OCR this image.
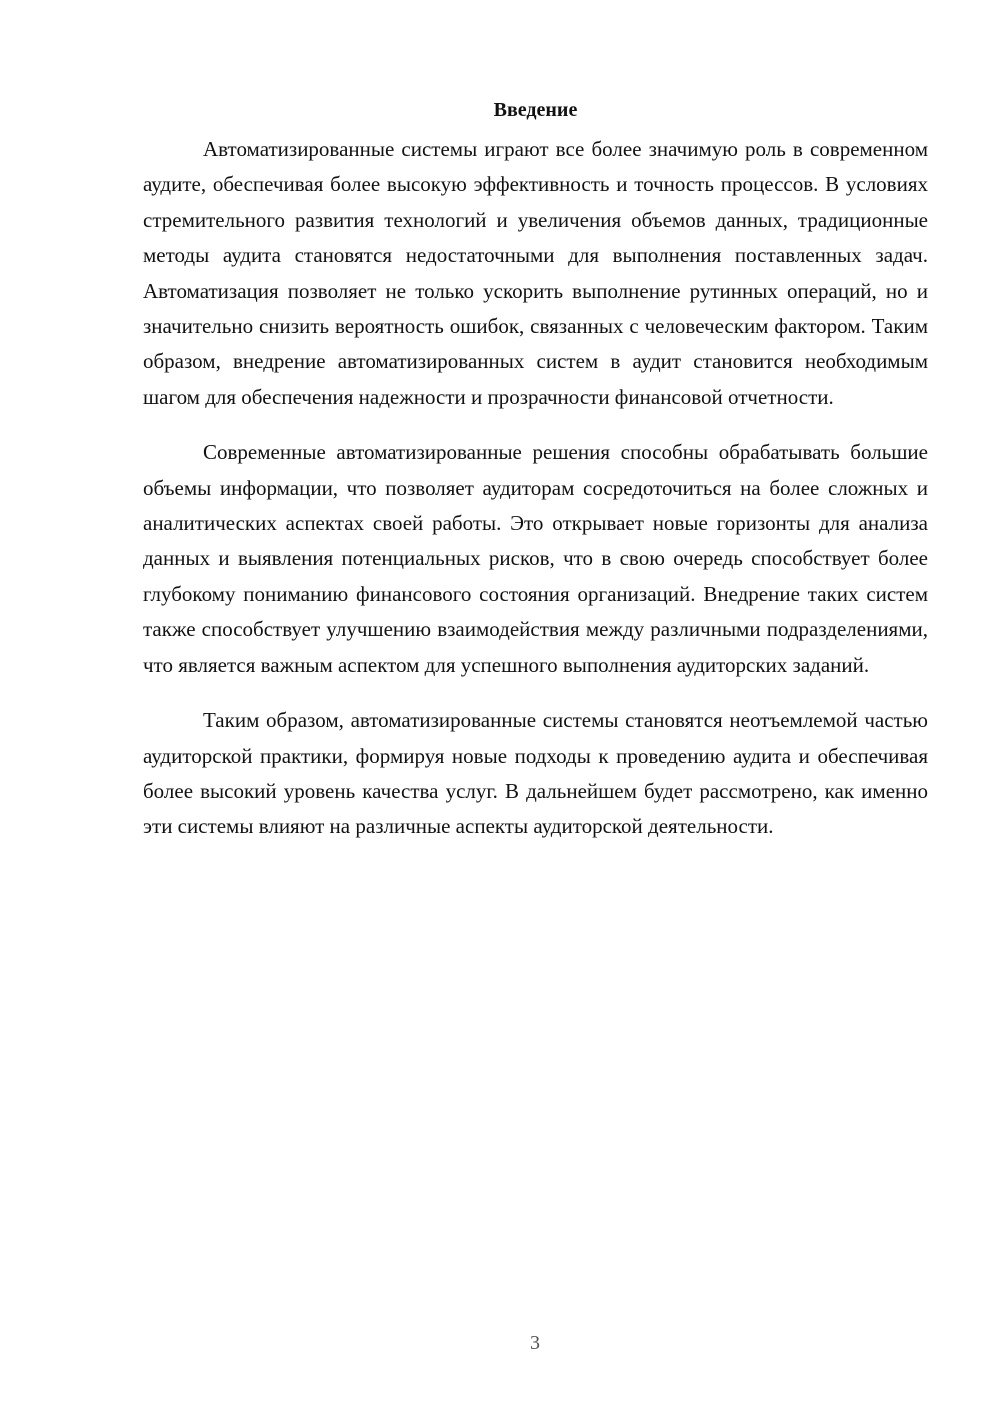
Введение

Автоматизированные системы играют все более значимую роль в современном аудите, обеспечивая более высокую эффективность и точность процессов. В условиях стремительного развития технологий и увеличения объемов данных, традиционные методы аудита становятся недостаточными для выполнения поставленных задач. Автоматизация позволяет не только ускорить выполнение рутинных операций, но и значительно снизить вероятность ошибок, связанных с человеческим фактором. Таким образом, внедрение автоматизированных систем в аудит становится необходимым шагом для обеспечения надежности и прозрачности финансовой отчетности.

Современные автоматизированные решения способны обрабатывать большие объемы информации, что позволяет аудиторам сосредоточиться на более сложных и аналитических аспектах своей работы. Это открывает новые горизонты для анализа данных и выявления потенциальных рисков, что в свою очередь способствует более глубокому пониманию финансового состояния организаций. Внедрение таких систем также способствует улучшению взаимодействия между различными подразделениями, что является важным аспектом для успешного выполнения аудиторских заданий.

Таким образом, автоматизированные системы становятся неотъемлемой частью аудиторской практики, формируя новые подходы к проведению аудита и обеспечивая более высокий уровень качества услуг. В дальнейшем будет рассмотрено, как именно эти системы влияют на различные аспекты аудиторской деятельности.

3
